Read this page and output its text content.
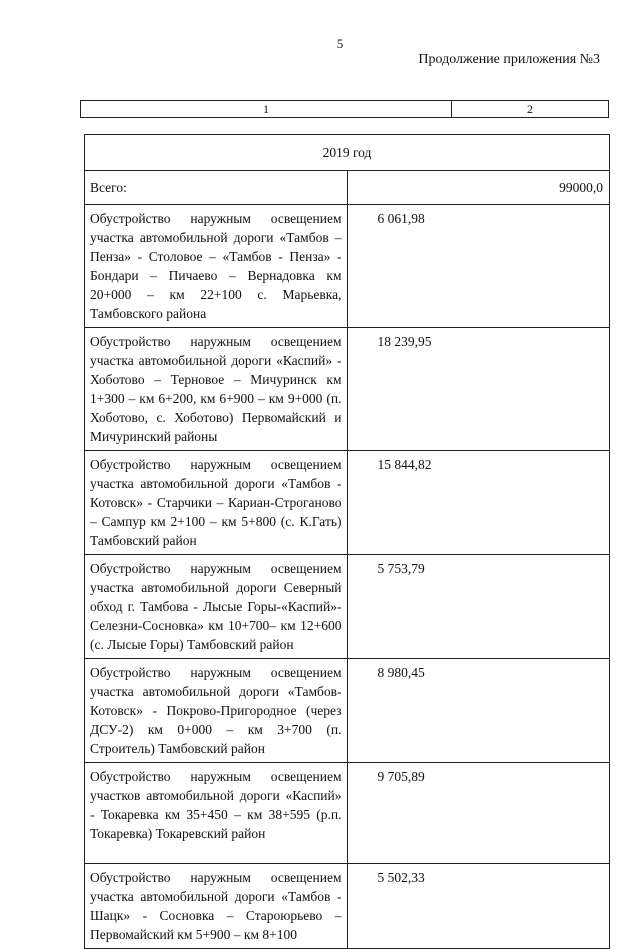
5
Продолжение приложения №3
1	2
2019 год	
Всего:	99000,0
Обустройство наружным освещением участка автомобильной дороги «Тамбов – Пенза» - Столовое – «Тамбов - Пенза» - Бондари – Пичаево – Вернадовка км 20+000 – км 22+100 с. Марьевка, Тамбовского района	6 061,98
Обустройство наружным освещением участка автомобильной дороги «Каспий» - Хоботово – Терновое – Мичуринск км 1+300 – км 6+200, км 6+900 – км 9+000 (п. Хоботово, с. Хоботово) Первомайский и Мичуринский районы	18 239,95
Обустройство наружным освещением участка автомобильной дороги «Тамбов - Котовск» - Старчики – Кариан-Строганово – Сампур км 2+100 – км 5+800 (с. К.Гать) Тамбовский район	15 844,82
Обустройство наружным освещением участка автомобильной дороги Северный обход г. Тамбова - Лысые Горы-«Каспий»-Селезни-Сосновка» км 10+700– км 12+600 (с. Лысые Горы) Тамбовский район	5 753,79
Обустройство наружным освещением участка автомобильной дороги «Тамбов-Котовск» - Покрово-Пригородное (через ДСУ-2) км 0+000 – км 3+700 (п. Строитель) Тамбовский район	8 980,45
Обустройство наружным освещением участков автомобильной дороги «Каспий» - Токаревка км 35+450 – км 38+595 (р.п. Токаревка) Токаревский район	9 705,89
Обустройство наружным освещением участка автомобильной дороги «Тамбов - Шацк» - Сосновка – Староюрьево – Первомайский км 5+900 – км 8+100	5 502,33
